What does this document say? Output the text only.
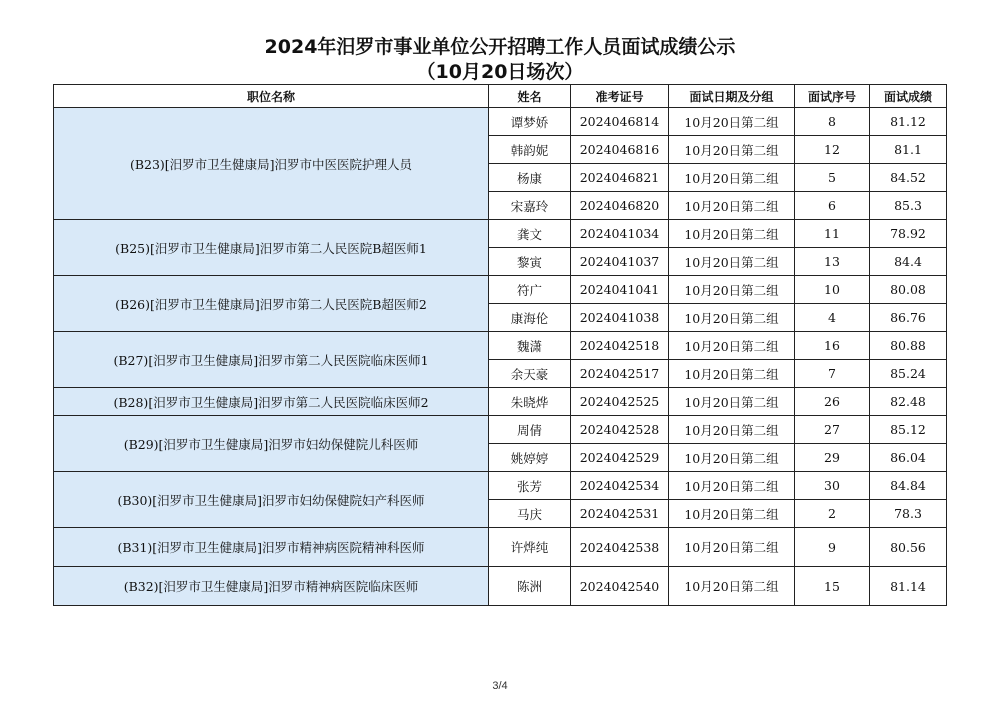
2024年汨罗市事业单位公开招聘工作人员面试成绩公示
（10月20日场次）
职位名称	姓名	准考证号	面试日期及分组	面试序号	面试成绩
(B23)[汨罗市卫生健康局]汨罗市中医医院护理人员	谭梦娇	2024046814	10月20日第二组	8	81.12
	韩韵妮	2024046816	10月20日第二组	12	81.1
	杨康	2024046821	10月20日第二组	5	84.52
	宋嘉玲	2024046820	10月20日第二组	6	85.3
(B25)[汨罗市卫生健康局]汨罗市第二人民医院B超医师1	龚文	2024041034	10月20日第二组	11	78.92
	黎寅	2024041037	10月20日第二组	13	84.4
(B26)[汨罗市卫生健康局]汨罗市第二人民医院B超医师2	符广	2024041041	10月20日第二组	10	80.08
	康海伦	2024041038	10月20日第二组	4	86.76
(B27)[汨罗市卫生健康局]汨罗市第二人民医院临床医师1	魏潇	2024042518	10月20日第二组	16	80.88
	余天豪	2024042517	10月20日第二组	7	85.24
(B28)[汨罗市卫生健康局]汨罗市第二人民医院临床医师2	朱晓烨	2024042525	10月20日第二组	26	82.48
(B29)[汨罗市卫生健康局]汨罗市妇幼保健院儿科医师	周倩	2024042528	10月20日第二组	27	85.12
	姚婷婷	2024042529	10月20日第二组	29	86.04
(B30)[汨罗市卫生健康局]汨罗市妇幼保健院妇产科医师	张芳	2024042534	10月20日第二组	30	84.84
	马庆	2024042531	10月20日第二组	2	78.3
(B31)[汨罗市卫生健康局]汨罗市精神病医院精神科医师	许烨纯	2024042538	10月20日第二组	9	80.56
(B32)[汨罗市卫生健康局]汨罗市精神病医院临床医师	陈洲	2024042540	10月20日第二组	15	81.14
3/4
